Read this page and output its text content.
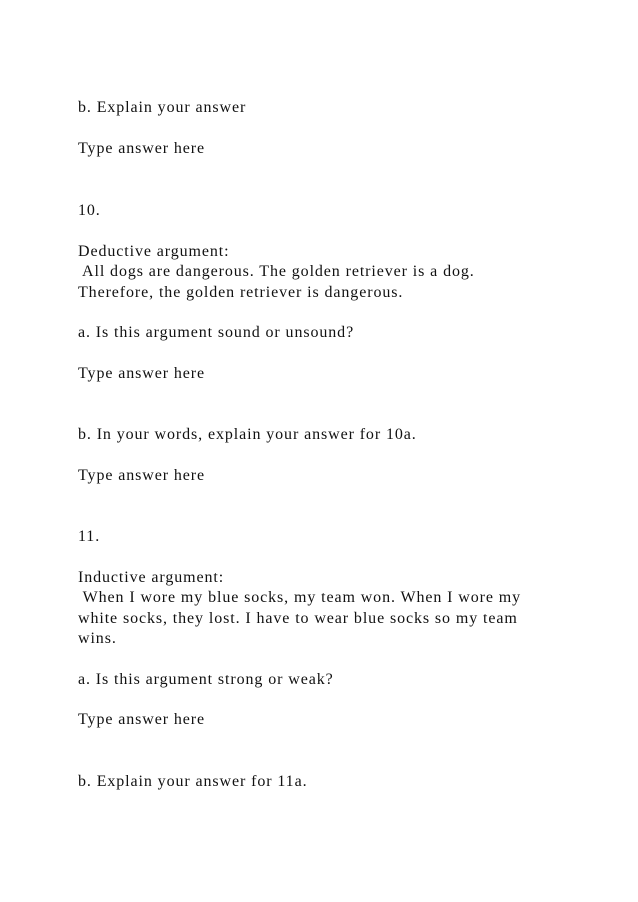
b. Explain your answer
Type answer here
10.
Deductive argument:
All dogs are dangerous. The golden retriever is a dog.
Therefore, the golden retriever is dangerous.
a. Is this argument sound or unsound?
Type answer here
b. In your words, explain your answer for 10a.
Type answer here
11.
Inductive argument:
When I wore my blue socks, my team won. When I wore my
white socks, they lost. I have to wear blue socks so my team
wins.
a. Is this argument strong or weak?
Type answer here
b. Explain your answer for 11a.
